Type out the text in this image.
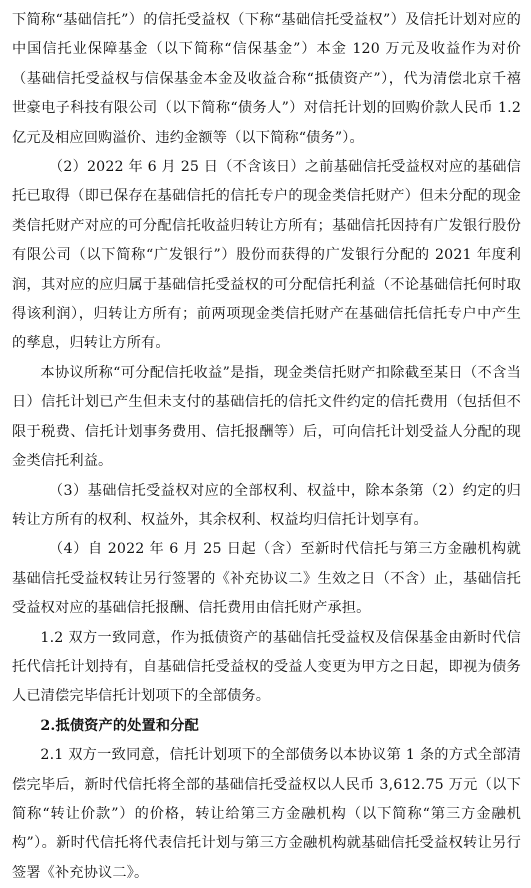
下简称“基础信托”）的信托受益权（下称“基础信托受益权”）及信托计划对应的中国信托业保障基金（以下简称“信保基金”）本金 120 万元及收益作为对价（基础信托受益权与信保基金本金及收益合称“抵债资产”），代为清偿北京千禧世豪电子科技有限公司（以下简称“债务人”）对信托计划的回购价款人民币 1.2 亿元及相应回购溢价、违约金额等（以下简称“债务”）。

（2）2022 年 6 月 25 日（不含该日）之前基础信托受益权对应的基础信托已取得（即已保存在基础信托的信托专户的现金类信托财产）但未分配的现金类信托财产对应的可分配信托收益归转让方所有；基础信托因持有广发银行股份有限公司（以下简称“广发银行”）股份而获得的广发银行分配的 2021 年度利润，其对应的应归属于基础信托受益权的可分配信托利益（不论基础信托何时取得该利润），归转让方所有；前两项现金类信托财产在基础信托信托专户中产生的孳息，归转让方所有。

本协议所称“可分配信托收益”是指，现金类信托财产扣除截至某日（不含当日）信托计划已产生但未支付的基础信托的信托文件约定的信托费用（包括但不限于税费、信托计划事务费用、信托报酬等）后，可向信托计划受益人分配的现金类信托利益。

（3）基础信托受益权对应的全部权利、权益中，除本条第（2）约定的归转让方所有的权利、权益外，其余权利、权益均归信托计划享有。

（4）自 2022 年 6 月 25 日起（含）至新时代信托与第三方金融机构就基础信托受益权转让另行签署的《补充协议二》生效之日（不含）止，基础信托受益权对应的基础信托报酬、信托费用由信托财产承担。

1.2 双方一致同意，作为抵债资产的基础信托受益权及信保基金由新时代信托代信托计划持有，自基础信托受益权的受益人变更为甲方之日起，即视为债务人已清偿完毕信托计划项下的全部债务。

2.抵债资产的处置和分配

2.1 双方一致同意，信托计划项下的全部债务以本协议第 1 条的方式全部清偿完毕后，新时代信托将全部的基础信托受益权以人民币 3,612.75 万元（以下简称“转让价款”）的价格，转让给第三方金融机构（以下简称“第三方金融机构”）。新时代信托将代表信托计划与第三方金融机构就基础信托受益权转让另行签署《补充协议二》。
